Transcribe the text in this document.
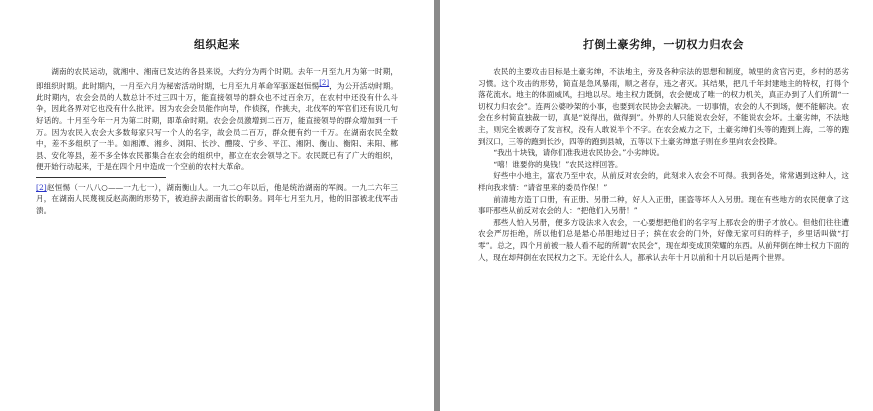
组织起来

湖南的农民运动，就湘中、湘南已发达的各县来说，大约分为两个时期。去年一月至九月为第一时期，即组织时期。此时期内，一月至六月为秘密活动时期，七月至九月革命军驱逐赵恒惕[2]，为公开活动时期。此时期内，农会会员的人数总计不过三四十万，能直接领导的群众也不过百余万，在农村中还没有什么斗争，因此各界对它也没有什么批评。因为农会会员能作向导，作侦探，作挑夫，北伐军的军官们还有说几句好话的。十月至今年一月为第二时期，即革命时期。农会会员激增到二百万，能直接领导的群众增加到一千万。因为农民入农会大多数每家只写一个人的名字，故会员二百万，群众便有约一千万。在湖南农民全数中，差不多组织了一半。如湘潭、湘乡、浏阳、长沙、醴陵、宁乡、平江、湘阴、衡山、衡阳、耒阳、郴县、安化等县，差不多全体农民都集合在农会的组织中，都立在农会领导之下。农民既已有了广大的组织，便开始行动起来，于是在四个月中造成一个空前的农村大革命。

[2]赵恒惕（一八八○——一九七一），湖南衡山人。一九二○年以后，他是统治湖南的军阀。一九二六年三月，在湖南人民蔑视反赵高潮的形势下，被迫辞去湖南省长的职务。同年七月至九月，他的旧部被北伐军击溃。

打倒土豪劣绅，一切权力归农会

农民的主要攻击目标是土豪劣绅，不法地主，旁及各种宗法的思想和制度，城里的贪官污吏，乡村的恶劣习惯。这个攻击的形势，简直是急风暴雨，顺之者存，违之者灭。其结果，把几千年封建地主的特权，打得个落花流水。地主的体面威风，扫地以尽。地主权力既倒，农会便成了唯一的权力机关，真正办到了人们所谓“一切权力归农会”。连两公婆吵架的小事，也要到农民协会去解决。一切事情，农会的人不到场，便不能解决。农会在乡村简直独裁一切，真是“说得出，做得到”。外界的人只能说农会好，不能说农会坏。土豪劣绅，不法地主，则完全被剥夺了发言权，没有人敢说半个不字。在农会威力之下，土豪劣绅们头等的跑到上海，二等的跑到汉口，三等的跑到长沙，四等的跑到县城，五等以下土豪劣绅崽子则在乡里向农会投降。

“我出十块钱，请你们准我进农民协会。”小劣绅说。

“嘻！谁要你的臭钱！”农民这样回答。

好些中小地主，富农乃至中农，从前反对农会的，此刻求入农会不可得。我到各处，常常遇到这种人，这样向我求情：“请省里来的委员作保！”

前清地方造丁口册，有正册、另册二种，好人入正册，匪盗等坏人入另册。现在有些地方的农民便拿了这事吓那些从前反对农会的人：“把他们入另册！”

那些人怕入另册，便多方设法求入农会，一心要想把他们的名字写上那农会的册子才放心。但他们往往遭农会严厉拒绝，所以他们总是悬心吊胆地过日子；摈在农会的门外，好像无家可归的样子，乡里话叫做“打零”。总之，四个月前被一般人看不起的所谓“农民会”，现在却变成顶荣耀的东西。从前拜倒在绅士权力下面的人，现在却拜倒在农民权力之下。无论什么人，都承认去年十月以前和十月以后是两个世界。
